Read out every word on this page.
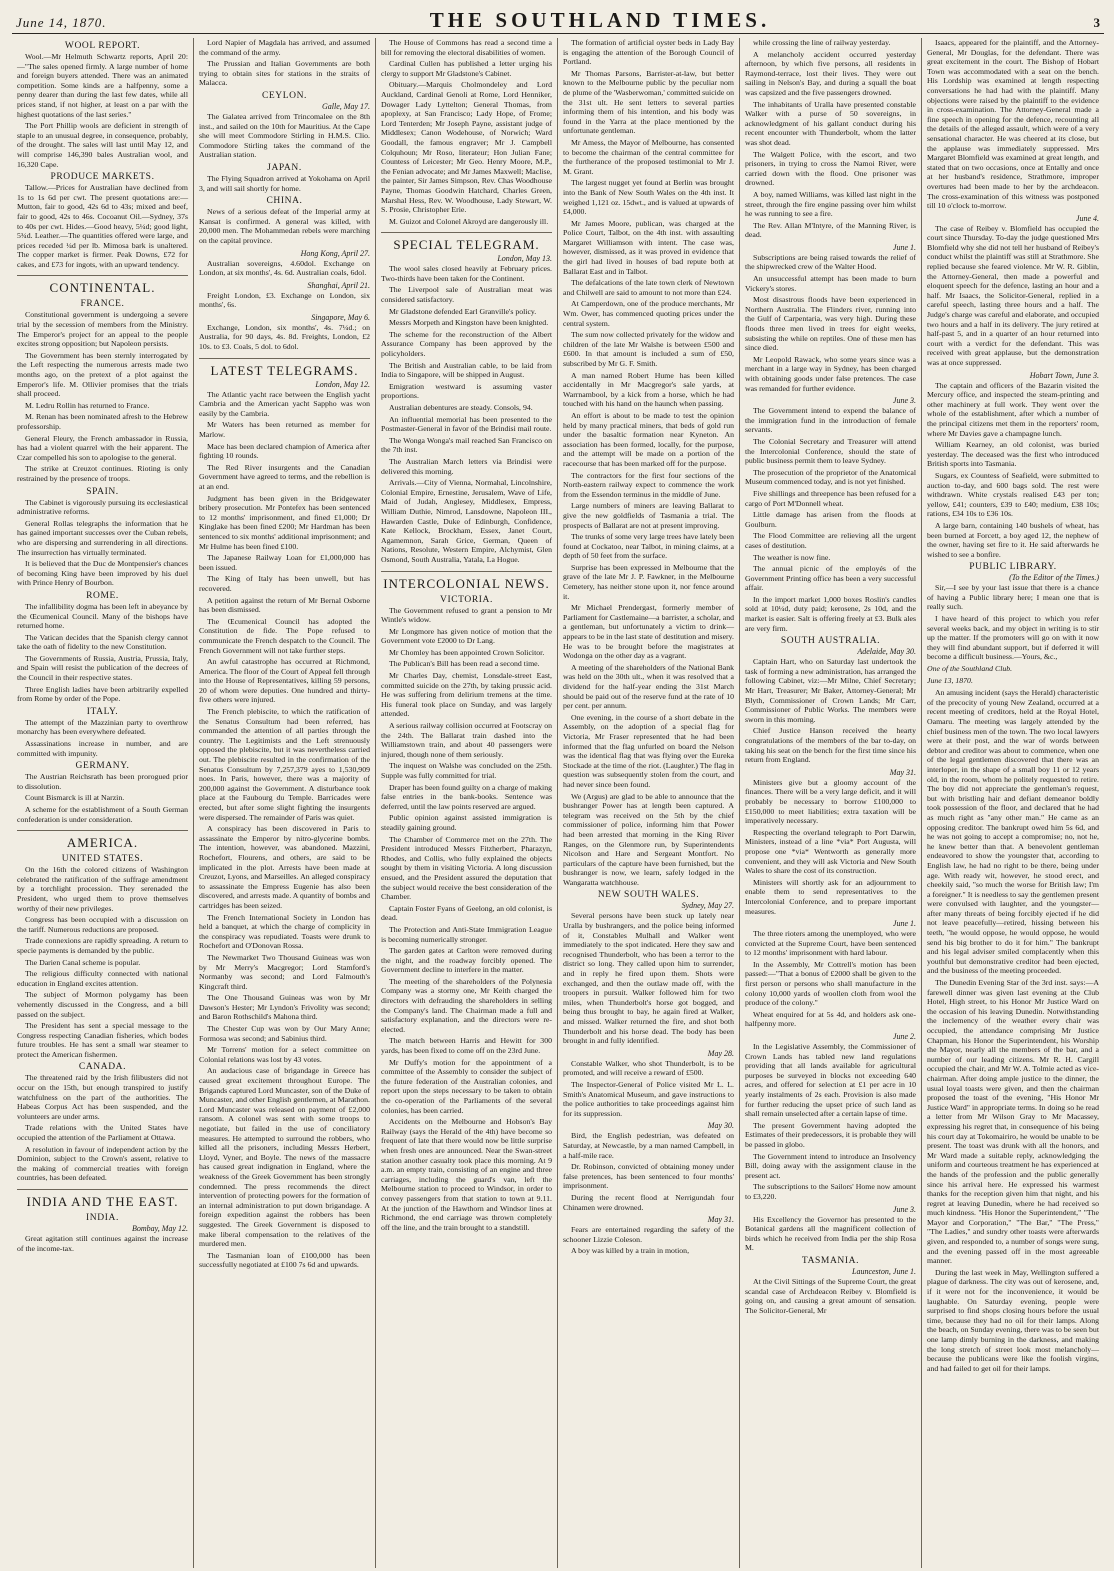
June 14, 1870.	THE SOUTHLAND TIMES.	3
WOOL REPORT.

Wool.—Mr Helmuth Schwartz reports, April 20:—"The sales opened firmly. A large number of home and foreign buyers attended. There was an animated competition. Some kinds are a halfpenny, some a penny dearer than during the last few dates, while all prices stand, if not higher, at least on a par with the highest quotations of the last series."

The Port Phillip wools are deficient in strength of staple to an unusual degree, in consequence, probably, of the drought. The sales will last until May 12, and will comprise 146,390 bales Australian wool, and 16,320 Cape.

PRODUCE MARKETS.

Tallow.—Prices for Australian have declined from 1s to 1s 6d per cwt. The present quotations are:—Mutton, fair to good, 42s 6d to 43s; mixed and beef, fair to good, 42s to 46s. Cocoanut Oil.—Sydney, 37s to 40s per cwt. Hides.—Good heavy, 5¼d; good light, 5¾d. Leather.—The quantities offered were large, and prices receded ¼d per lb. Mimosa bark is unaltered. The copper market is firmer. Peak Downs, £72 for cakes, and £73 for ingots, with an upward tendency.

CONTINENTAL.
FRANCE.

Constitutional government is undergoing a severe trial by the secession of members from the Ministry. The Emperor's project for an appeal to the people excites strong opposition; but Napoleon persists.

The Government has been sternly interrogated by the Left respecting the numerous arrests made two months ago, on the pretext of a plot against the Emperor's life. M. Ollivier promises that the trials shall proceed.

M. Ledru Rollin has returned to France.

M. Renan has been nominated afresh to the Hebrew professorship.

General Fleury, the French ambassador in Russia, has had a violent quarrel with the heir apparent. The Czar compelled his son to apologise to the general.

The strike at Creuzot continues. Rioting is only restrained by the presence of troops.

SPAIN.

The Cabinet is vigorously pursuing its ecclesiastical administrative reforms.

General Rollas telegraphs the information that he has gained important successes over the Cuban rebels, who are dispersing and surrendering in all directions. The insurrection has virtually terminated.

It is believed that the Duc de Montpensier's chances of becoming King have been improved by his duel with Prince Henry of Bourbon.

ROME.

The infallibility dogma has been left in abeyance by the Œcumenical Council. Many of the bishops have returned home.

The Vatican decides that the Spanish clergy cannot take the oath of fidelity to the new Constitution.

The Governments of Russia, Austria, Prussia, Italy, and Spain will resist the publication of the decrees of the Council in their respective states.

Three English ladies have been arbitrarily expelled from Rome by order of the Pope.

ITALY.

The attempt of the Mazzinian party to overthrow monarchy has been everywhere defeated.

Assassinations increase in number, and are committed with impunity.

GERMANY.

The Austrian Reichsrath has been prorogued prior to dissolution.

Count Bismarck is ill at Narzin.

A scheme for the establishment of a South German confederation is under consideration.

AMERICA.
UNITED STATES.

On the 16th the colored citizens of Washington celebrated the ratification of the suffrage amendment by a torchlight procession. They serenaded the President, who urged them to prove themselves worthy of their new privileges.

Congress has been occupied with a discussion on the tariff. Numerous reductions are proposed.

Trade connexions are rapidly spreading. A return to specie payments is demanded by the public.

The Darien Canal scheme is popular.

The religious difficulty connected with national education in England excites attention.

The subject of Mormon polygamy has been vehemently discussed in the Congress, and a bill passed on the subject.

The President has sent a special message to the Congress respecting Canadian fisheries, which bodes future troubles. He has sent a small war steamer to protect the American fishermen.

CANADA.

The threatened raid by the Irish filibusters did not occur on the 15th, but enough transpired to justify watchfulness on the part of the authorities. The Habeas Corpus Act has been suspended, and the volunteers are under arms.

Trade relations with the United States have occupied the attention of the Parliament at Ottawa.

A resolution in favour of independent action by the Dominion, subject to the Crown's assent, relative to the making of commercial treaties with foreign countries, has been defeated.

INDIA AND THE EAST.
INDIA.
Bombay, May 12.

Great agitation still continues against the increase of the income-tax.

Lord Napier of Magdala has arrived, and assumed the command of the army.

The Prussian and Italian Governments are both trying to obtain sites for stations in the straits of Malacca.

CEYLON.
Galle, May 17.

The Galatea arrived from Trincomalee on the 8th inst., and sailed on the 10th for Mauritius. At the Cape she will meet Commodore Stirling in H.M.S. Clio. Commodore Stirling takes the command of the Australian station.

JAPAN.

The Flying Squadron arrived at Yokohama on April 3, and will sail shortly for home.

CHINA.

News of a serious defeat of the Imperial army at Kansat is confirmed. A general was killed, with 20,000 men. The Mohammedan rebels were marching on the capital province.

Hong Kong, April 27.

Australian sovereigns, 4.60dol. Exchange on London, at six months', 4s. 6d. Australian coals, 6dol.

Shanghai, April 21.

Freight London, £3. Exchange on London, six months', 6s.

Singapore, May 6.

Exchange, London, six months', 4s. 7¼d.; on Australia, for 90 days, 4s. 8d. Freights, London, £2 10s. to £3. Coals, 5 dol. to 6dol.

LATEST TELEGRAMS.
London, May 12.

The Atlantic yacht race between the English yacht Cambria and the American yacht Sappho was won easily by the Cambria.

Mr Waters has been returned as member for Marlow.

Mace has been declared champion of America after fighting 10 rounds.

The Red River insurgents and the Canadian Government have agreed to terms, and the rebellion is at an end.

Judgment has been given in the Bridgewater bribery prosecution. Mr Pontefex has been sentenced to 12 months' imprisonment, and fined £1,000; Dr Kinglake has been fined £200; Mr Hardman has been sentenced to six months' additional imprisonment; and Mr Hulme has been fined £100.

The Japanese Railway Loan for £1,000,000 has been issued.

The King of Italy has been unwell, but has recovered.

A petition against the return of Mr Bernal Osborne has been dismissed.

The Œcumenical Council has adopted the Constitution de fide. The Pope refused to communicate the French despatch to the Council. The French Government will not take further steps.

An awful catastrophe has occurred at Richmond, America. The floor of the Court of Appeal fell through into the House of Representatives, killing 59 persons, 20 of whom were deputies. One hundred and thirty-five others were injured.

The French plebiscite, to which the ratification of the Senatus Consultum had been referred, has commanded the attention of all parties through the country. The Legitimists and the Left strenuously opposed the plebiscite, but it was nevertheless carried out. The plebiscite resulted in the confirmation of the Senatus Consultum by 7,257,379 ayes to 1,530,909 noes. In Paris, however, there was a majority of 200,000 against the Government. A disturbance took place at the Faubourg du Temple. Barricades were erected, but after some slight fighting the insurgents were dispersed. The remainder of Paris was quiet.

A conspiracy has been discovered in Paris to assassinate the Emperor by nitro-glycerine bombs. The intention, however, was abandoned. Mazzini, Rochefort, Flourens, and others, are said to be implicated in the plot. Arrests have been made at Creuzot, Lyons, and Marseilles. An alleged conspiracy to assassinate the Empress Eugenie has also been discovered, and arrests made. A quantity of bombs and cartridges has been seized.

The French International Society in London has held a banquet, at which the charge of complicity in the conspiracy was repudiated. Toasts were drunk to Rochefort and O'Donovan Rossa.

The Newmarket Two Thousand Guineas was won by Mr Merry's Macgregor; Lord Stamford's Normanby was second; and Lord Falmouth's Kingcraft third.

The One Thousand Guineas was won by Mr Dawson's Hester; Mr Lyndon's Frivolity was second; and Baron Rothschild's Mahona third.

The Chester Cup was won by Our Mary Anne; Formosa was second; and Sabinius third.

Mr Torrens' motion for a select committee on Colonial relations was lost by 43 votes.

An audacious case of brigandage in Greece has caused great excitement throughout Europe. The Brigands captured Lord Muncaster, son of the Duke of Muncaster, and other English gentlemen, at Marathon. Lord Muncaster was released on payment of £2,000 ransom. A colonel was sent with some troops to negotiate, but failed in the use of conciliatory measures. He attempted to surround the robbers, who killed all the prisoners, including Messrs Herbert, Lloyd, Vyner, and Boyle. The news of the massacre has caused great indignation in England, where the weakness of the Greek Government has been strongly condemned. The press recommends the direct intervention of protecting powers for the formation of an internal administration to put down brigandage. A foreign expedition against the robbers has been suggested. The Greek Government is disposed to make liberal compensation to the relatives of the murdered men.

The Tasmanian loan of £100,000 has been successfully negotiated at £100 7s 6d and upwards.

The House of Commons has read a second time a bill for removing the electoral disabilities of women.

Cardinal Cullen has published a letter urging his clergy to support Mr Gladstone's Cabinet.

Obituary.—Marquis Cholmondeley and Lord Auckland, Cardinal Genoli at Rome, Lord Henniker, Dowager Lady Lyttelton; General Thomas, from apoplexy, at San Francisco; Lady Hope, of Frome; Lord Tenterden; Mr Joseph Payne, assistant judge of Middlesex; Canon Wodehouse, of Norwich; Ward Goodall, the famous engraver; Mr J. Campbell Colquhoun; Mr Roso, literateur; Hon Julian Fane; Countess of Leicester; Mr Geo. Henry Moore, M.P., the Fenian advocate; and Mr James Maxwell; Maclise, the painter, Sir James Simpson, Rev. Chas Woodhouse Payne, Thomas Goodwin Hatchard, Charles Green, Marshal Hess, Rev. W. Woodhouse, Lady Stewart, W. S. Prosie, Christopher Erie.

M. Guizot and Colonel Akroyd are dangerously ill.

SPECIAL TELEGRAM.
London, May 13.

The wool sales closed heavily at February prices. Two-thirds have been taken for the Continent.

The Liverpool sale of Australian meat was considered satisfactory.

Mr Gladstone defended Earl Granville's policy.

Messrs Morpeth and Kingston have been knighted.

The scheme for the reconstruction of the Albert Assurance Company has been approved by the policyholders.

The British and Australian cable, to be laid from India to Singapore, will be shipped in August.

Emigration westward is assuming vaster proportions.

Australian debentures are steady. Consols, 94.

An influential memorial has been presented to the Postmaster-General in favor of the Brindisi mail route.

The Wonga Wonga's mail reached San Francisco on the 7th inst.

The Australian March letters via Brindisi were delivered this morning.

Arrivals.—City of Vienna, Normahal, Lincolnshire, Colonial Empire, Ernestine, Jerusalem, Wave of Life, Maid of Judah, Anglesey, Middlesex, Empress, William Duthie, Nimrod, Lansdowne, Napoleon III., Hawarden Castle, Duke of Edinburgh, Confidence, Kate Kellock, Brockham, Essex, Janet Court, Agamemnon, Sarah Grice, German, Queen of Nations, Resolute, Western Empire, Alchymist, Glen Osmond, South Australia, Yatala, La Hogue.

INTERCOLONIAL NEWS.
VICTORIA.

The Government refused to grant a pension to Mr Wintle's widow.

Mr Longmore has given notice of motion that the Government vote £2000 to Dr Lang.

Mr Chomley has been appointed Crown Solicitor.

The Publican's Bill has been read a second time.

Mr Charles Day, chemist, Lonsdale-street East, committed suicide on the 27th, by taking prussic acid. He was suffering from delirium tremens at the time. His funeral took place on Sunday, and was largely attended.

A serious railway collision occurred at Footscray on the 24th. The Ballarat train dashed into the Williamstown train, and about 40 passengers were injured, though none of them seriously.

The inquest on Walshe was concluded on the 25th. Supple was fully committed for trial.

Draper has been found guilty on a charge of making false entries in the bank-books. Sentence was deferred, until the law points reserved are argued.

Public opinion against assisted immigration is steadily gaining ground.

The Chamber of Commerce met on the 27th. The President introduced Messrs Fitzherbert, Pharazyn, Rhodes, and Collis, who fully explained the objects sought by them in visiting Victoria. A long discussion ensued, and the President assured the deputation that the subject would receive the best consideration of the Chamber.

Captain Foster Fyans of Geelong, an old colonist, is dead.

The Protection and Anti-State Immigration League is becoming numerically stronger.

The garden gates at Carlton were removed during the night, and the roadway forcibly opened. The Government decline to interfere in the matter.

The meeting of the shareholders of the Polynesia Company was a stormy one, Mr Keith charged the directors with defrauding the shareholders in selling the Company's land. The Chairman made a full and satisfactory explanation, and the directors were re-elected.

The match between Harris and Hewitt for 300 yards, has been fixed to come off on the 23rd June.

Mr Duffy's motion for the appointment of a committee of the Assembly to consider the subject of the future federation of the Australian colonies, and report upon the steps necessary to be taken to obtain the co-operation of the Parliaments of the several colonies, has been carried.

Accidents on the Melbourne and Hobson's Bay Railway (says the Herald of the 4th) have become so frequent of late that there would now be little surprise when fresh ones are announced. Near the Swan-street station another casualty took place this morning. At 9 a.m. an empty train, consisting of an engine and three carriages, including the guard's van, left the Melbourne station to proceed to Windsor, in order to convey passengers from that station to town at 9.11. At the junction of the Hawthorn and Windsor lines at Richmond, the end carriage was thrown completely off the line, and the train brought to a standstill.

The formation of artificial oyster beds in Lady Bay is engaging the attention of the Borough Council of Portland.

Mr Thomas Parsons, Barrister-at-law, but better known to the Melbourne public by the peculiar nom de plume of the 'Wasberwoman,' committed suicide on the 31st ult. He sent letters to several parties informing them of his intention, and his body was found in the Yarra at the place mentioned by the unfortunate gentleman.

Mr Amess, the Mayor of Melbourne, has consented to become the chairman of the central committee for the furtherance of the proposed testimonial to Mr J. M. Grant.

The largest nugget yet found at Berlin was brought into the Bank of New South Wales on the 4th inst. It weighed 1,121 oz. 15dwt., and is valued at upwards of £4,000.

Mr James Moore, publican, was charged at the Police Court, Talbot, on the 4th inst. with assaulting Margaret Williamson with intent. The case was, however, dismissed, as it was proved in evidence that the girl had lived in houses of bad repute both at Ballarat East and in Talbot.

The defalcations of the late town clerk of Newtown and Chilwell are said to amount to not more than £24.

At Camperdown, one of the produce merchants, Mr Wm. Ower, has commenced quoting prices under the central system.

The sum now collected privately for the widow and children of the late Mr Walshe is between £500 and £600. In that amount is included a sum of £50, subscribed by Mr G. F. Smith.

A man named Robert Hume has been killed accidentally in Mr Macgregor's sale yards, at Warrnambool, by a kick from a horse, which he had touched with his hand on the haunch when passing.

An effort is about to be made to test the opinion held by many practical miners, that beds of gold run under the basaltic formation near Kyneton. An association has been formed, locally, for the purpose, and the attempt will be made on a portion of the racecourse that has been marked off for the purpose.

The contractors for the first four sections of the North-eastern railway expect to commence the work from the Essendon terminus in the middle of June.

Large numbers of miners are leaving Ballarat to give the new goldfields of Tasmania a trial. The prospects of Ballarat are not at present improving.

The trunks of some very large trees have lately been found at Cockatoo, near Talbot, in mining claims, at a depth of 50 feet from the surface.

Surprise has been expressed in Melbourne that the grave of the late Mr J. P. Fawkner, in the Melbourne Cemetery, has neither stone upon it, nor fence around it.

Mr Michael Prendergast, formerly member of Parliament for Castlemaine—a barrister, a scholar, and a gentleman, but unfortunately a victim to drink—appears to be in the last state of destitution and misery. He was to be brought before the magistrates at Wodonga on the other day as a vagrant.

A meeting of the shareholders of the National Bank was held on the 30th ult., when it was resolved that a dividend for the half-year ending the 31st March should be paid out of the reserve fund at the rate of 10 per cent. per annum.

One evening, in the course of a short debate in the Assembly, on the adoption of a special flag for Victoria, Mr Fraser represented that he had been informed that the flag unfurled on board the Nelson was the identical flag that was flying over the Eureka Stockade at the time of the riot. (Laughter.) The flag in question was subsequently stolen from the court, and had never since been found.

We (Argus) are glad to be able to announce that the bushranger Power has at length been captured. A telegram was received on the 5th by the chief commissioner of police, informing him that Power had been arrested that morning in the King River Ranges, on the Glenmore run, by Superintendents Nicolson and Hare and Sergeant Montfort. No particulars of the capture have been furnished, but the bushranger is now, we learn, safely lodged in the Wangaratta watchhouse.

NEW SOUTH WALES.
Sydney, May 27.

Several persons have been stuck up lately near Uralla by bushrangers, and the police being informed of it, Constables Mulhall and Walker went immediately to the spot indicated. Here they saw and recognised Thunderbolt, who has been a terror to the district so long. They called upon him to surrender, and in reply he fired upon them. Shots were exchanged, and then the outlaw made off, with the troopers in pursuit. Walker followed him for two miles, when Thunderbolt's horse got bogged, and being thus brought to bay, he again fired at Walker, and missed. Walker returned the fire, and shot both Thunderbolt and his horse dead. The body has been brought in and fully identified.

May 28.

Constable Walker, who shot Thunderbolt, is to be promoted, and will receive a reward of £500.

The Inspector-General of Police visited Mr L. L. Smith's Anatomical Museum, and gave instructions to the police authorities to take proceedings against him for its suppression.

May 30.

Bird, the English pedestrian, was defeated on Saturday, at Newcastle, by a man named Campbell, in a half-mile race.

Dr. Robinson, convicted of obtaining money under false pretences, has been sentenced to four months' imprisonment.

During the recent flood at Nerrigundah four Chinamen were drowned.

May 31.

Fears are entertained regarding the safety of the schooner Lizzie Coleson.

A boy was killed by a train in motion,

while crossing the line of railway yesterday.

A melancholy accident occurred yesterday afternoon, by which five persons, all residents in Raymond-terrace, lost their lives. They were out sailing in Nelson's Bay, and during a squall the boat was capsized and the five passengers drowned.

The inhabitants of Uralla have presented constable Walker with a purse of 50 sovereigns, in acknowledgment of his gallant conduct during his recent encounter with Thunderbolt, whom the latter was shot dead.

The Walgett Police, with the escort, and two prisoners, in trying to cross the Namoi River, were carried down with the flood. One prisoner was drowned.

A boy, named Williams, was killed last night in the street, through the fire engine passing over him whilst he was running to see a fire.

The Rev. Allan M'Intyre, of the Manning River, is dead.

June 1.

Subscriptions are being raised towards the relief of the shipwrecked crew of the Walter Hood.

An unsuccessful attempt has been made to burn Vickery's stores.

Most disastrous floods have been experienced in Northern Australia. The Flinders river, running into the Gulf of Carpentaria, was very high. During these floods three men lived in trees for eight weeks, subsisting the while on reptiles. One of these men has since died.

Mr Leopold Rawack, who some years since was a merchant in a large way in Sydney, has been charged with obtaining goods under false pretences. The case was remanded for further evidence.

June 3.

The Government intend to expend the balance of the immigration fund in the introduction of female servants.

The Colonial Secretary and Treasurer will attend the Intercolonial Conference, should the state of public business permit them to leave Sydney.

The prosecution of the proprietor of the Anatomical Museum commenced today, and is not yet finished.

Five shillings and threepence has been refused for a cargo of Port M'Donnell wheat.

Little damage has arisen from the floods at Goulburn.

The Flood Committee are relieving all the urgent cases of destitution.

The weather is now fine.

The annual picnic of the employés of the Government Printing office has been a very successful affair.

In the import market 1,000 boxes Roslin's candles sold at 10¼d, duty paid; kerosene, 2s 10d, and the market is easier. Salt is offering freely at £3. Bulk ales are very firm.

SOUTH AUSTRALIA.
Adelaide, May 30.

Captain Hart, who on Saturday last undertook the task of forming a new administration, has arranged the following Cabinet, viz:—Mr Milne, Chief Secretary; Mr Hart, Treasurer; Mr Baker, Attorney-General; Mr Blyth, Commissioner of Crown Lands; Mr Carr, Commissioner of Public Works. The members were sworn in this morning.

Chief Justice Hanson received the hearty congratulations of the members of the bar to-day, on taking his seat on the bench for the first time since his return from England.

May 31.

Ministers give but a gloomy account of the finances. There will be a very large deficit, and it will probably be necessary to borrow £100,000 to £150,000 to meet liabilities; extra taxation will be imperatively necessary.

Respecting the overland telegraph to Port Darwin, Ministers, instead of a line *via* Port Augusta, will propose one *via* Wentworth as generally more convenient, and they will ask Victoria and New South Wales to share the cost of its construction.

Ministers will shortly ask for an adjournment to enable them to send representatives to the Intercolonial Conference, and to prepare important measures.

June 1.

The three rioters among the unemployed, who were convicted at the Supreme Court, have been sentenced to 12 months' imprisonment with hard labour.

In the Assembly, Mr Cottrell's motion has been passed:—"That a bonus of £2000 shall be given to the first person or persons who shall manufacture in the colony 10,000 yards of woollen cloth from wool the produce of the colony."

Wheat enquired for at 5s 4d, and holders ask one-halfpenny more.

June 2.

In the Legislative Assembly, the Commissioner of Crown Lands has tabled new land regulations providing that all lands available for agricultural purposes be surveyed in blocks not exceeding 640 acres, and offered for selection at £1 per acre in 10 yearly instalments of 2s each. Provision is also made for further reducing the upset price of such land as shall remain unselected after a certain lapse of time.

The present Government having adopted the Estimates of their predecessors, it is probable they will be passed in globo.

The Government intend to introduce an Insolvency Bill, doing away with the assignment clause in the present act.

The subscriptions to the Sailors' Home now amount to £3,220.

June 3.

His Excellency the Governor has presented to the Botanical gardens all the magnificent collection of birds which he received from India per the ship Rosa M.

TASMANIA.
Launceston, June 1.

At the Civil Sittings of the Supreme Court, the great scandal case of Archdeacon Reibey v. Blomfield is going on, and causing a great amount of sensation. The Solicitor-General, Mr

Isaacs, appeared for the plaintiff, and the Attorney-General, Mr Douglas, for the defendant. There was great excitement in the court. The Bishop of Hobart Town was accommodated with a seat on the bench. His Lordship was examined at length respecting conversations he had had with the plaintiff. Many objections were raised by the plaintiff to the evidence in cross-examination. The Attorney-General made a fine speech in opening for the defence, recounting all the details of the alleged assault, which were of a very sensational character. He was cheered at its close, but the applause was immediately suppressed. Mrs Margaret Blomfield was examined at great length, and stated that on two occasions, once at Entally and once at her husband's residence, Strathmore, improper overtures had been made to her by the archdeacon. The cross-examination of this witness was postponed till 10 o'clock to-morrow.

June 4.

The case of Reibey v. Blomfield has occupied the court since Thursday. To-day the judge questioned Mrs Blomfield why she did not tell her husband of Reibey's conduct whilst the plaintiff was still at Strathmore. She replied because she feared violence. Mr W. R. Giblin, the Attorney-General, then made a powerful and eloquent speech for the defence, lasting an hour and a half. Mr Isaacs, the Solicitor-General, replied in a careful speech, lasting three hours and a half. The Judge's charge was careful and elaborate, and occupied two hours and a half in its delivery. The jury retired at half-past 5, and in a quarter of an hour returned into court with a verdict for the defendant. This was received with great applause, but the demonstration was at once suppressed.

Hobart Town, June 3.

The captain and officers of the Bazarin visited the Mercury office, and inspected the steam-printing and other machinery at full work. They went over the whole of the establishment, after which a number of the principal citizens met them in the reporters' room, where Mr Davies gave a champagne lunch.

William Kearney, an old colonist, was buried yesterday. The deceased was the first who introduced British sports into Tasmania.

Sugars, ex Countess of Seafield, were submitted to auction to-day, and 600 bags sold. The rest were withdrawn. White crystals realised £43 per ton; yellow, £41; counters, £39 to £40; medium, £38 10s; rations, £34 10s to £36 10s.

A large barn, containing 140 bushels of wheat, has been burned at Forcett, a boy aged 12, the nephew of the owner, having set fire to it. He said afterwards he wished to see a bonfire.

PUBLIC LIBRARY.
(To the Editor of the Times.)

Sir,—I see by your last issue that there is a chance of having a Public library here; I mean one that is really such.

I have heard of this project to which you refer several weeks back, and my object in writing is to stir up the matter. If the promoters will go on with it now they will find abundant support, but if deferred it will become a difficult business.—Yours, &c.,

One of the Southland Club.
June 13, 1870.

An amusing incident (says the Herald) characteristic of the precocity of young New Zealand, occurred at a recent meeting of creditors, held at the Royal Hotel, Oamaru. The meeting was largely attended by the chief business men of the town. The two local lawyers were at their post, and the war of words between debtor and creditor was about to commence, when one of the legal gentlemen discovered that there was an interloper, in the shape of a small boy 11 or 12 years old, in the room, whom he politely requested to retire. The boy did not appreciate the gentleman's request, but with bristling hair and defiant demeanor boldly took possession of the floor, and declared that he had as much right as "any other man." He came as an opposing creditor. The bankrupt owed him 5s 6d, and he was not going to accept a compromise; no, not he, he knew better than that. A benevolent gentleman endeavored to show the youngster that, according to English law, he had no right to be there, being under age. With ready wit, however, he stood erect, and cheekily said, "so much the worse for British law; I'm a foreigner." It is needless to say the gentlemen present were convulsed with laughter, and the youngster—after many threats of being forcibly ejected if he did not leave peacefully—retired, hissing between his teeth, "he would oppose, he would oppose, he would send his big brother to do it for him." The bankrupt and his legal adviser smiled complacently when this youthful but demonstrative creditor had been ejected, and the business of the meeting proceeded.

The Dunedin Evening Star of the 3rd inst. says:—A farewell dinner was given last evening at the Club Hotel, High street, to his Honor Mr Justice Ward on the occasion of his leaving Dunedin. Notwithstanding the inclemency of the weather every chair was occupied, the attendance comprising Mr Justice Chapman, his Honor the Superintendent, his Worship the Mayor, nearly all the members of the bar, and a number of our leading citizens. Mr R. H. Cargill occupied the chair, and Mr W. A. Tolmie acted as vice-chairman. After doing ample justice to the dinner, the usual loyal toasts were given, and then the chairman proposed the toast of the evening, "His Honor Mr Justice Ward" in appropriate terms. In doing so he read a letter from Mr Wilson Gray to Mr Macassey, expressing his regret that, in consequence of his being his court day at Tokomairiro, he would be unable to be present. The toast was drunk with all the honors, and Mr Ward made a suitable reply, acknowledging the uniform and courteous treatment he has experienced at the hands of the profession and the public generally since his arrival here. He expressed his warmest thanks for the reception given him that night, and his regret at leaving Dunedin, where he had received so much kindness. "His Honor the Superintendent," "The Mayor and Corporation," "The Bar," "The Press," "The Ladies," and sundry other toasts were afterwards given, and responded to, a number of songs were sung, and the evening passed off in the most agreeable manner.

During the last week in May, Wellington suffered a plague of darkness. The city was out of kerosene, and, if it were not for the inconvenience, it would be laughable. On Saturday evening, people were surprised to find shops closing hours before the usual time, because they had no oil for their lamps. Along the beach, on Sunday evening, there was to be seen but one lamp dimly burning in the darkness, and making the long stretch of street look most melancholy—because the publicans were like the foolish virgins, and had failed to get oil for their lamps.
